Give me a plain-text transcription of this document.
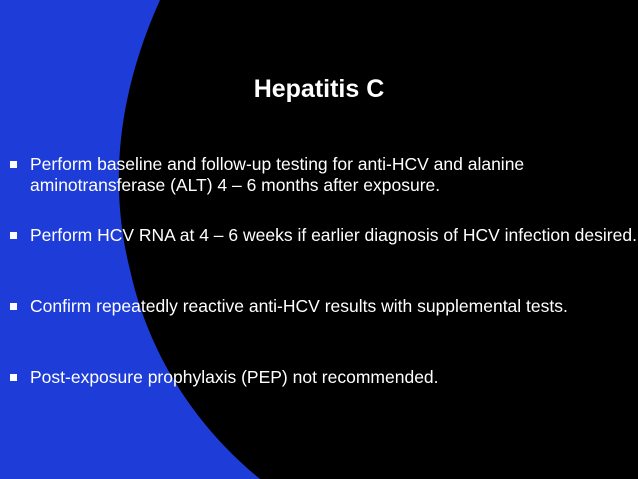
Hepatitis C
Perform baseline and follow-up testing for anti-HCV and alanine aminotransferase (ALT) 4 – 6 months after exposure.
Perform HCV RNA at 4 – 6 weeks if earlier diagnosis of HCV infection desired.
Confirm repeatedly reactive anti-HCV results with supplemental tests.
Post-exposure prophylaxis (PEP) not recommended.
